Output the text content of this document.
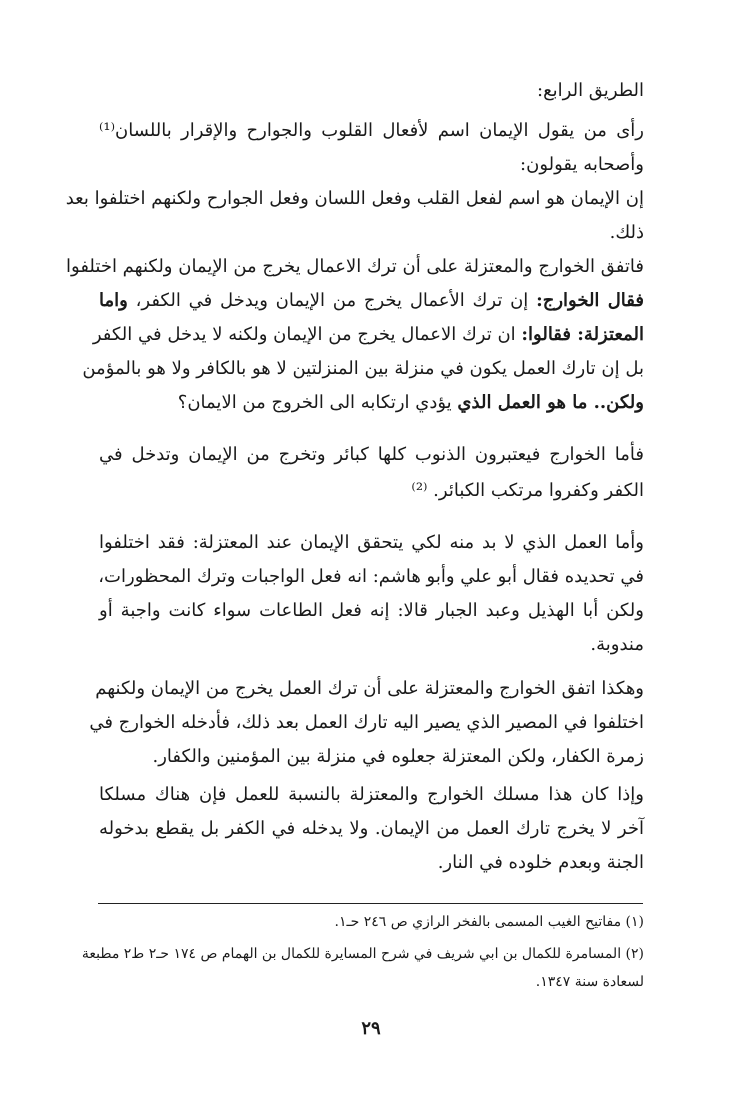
الطريق الرابع:
رأى من يقول الإيمان اسم لأفعال القلوب والجوارح والإقرار باللسان⁽¹⁾
وأصحابه يقولون:
إن الإيمان هو اسم لفعل القلب وفعل اللسان وفعل الجوارح ولكنهم اختلفوا بعد
ذلك.
فاتفق الخوارج والمعتزلة على أن ترك الاعمال يخرج من الإيمان ولكنهم اختلفوا
فقال الخوارج: إن ترك الأعمال يخرج من الإيمان ويدخل في الكفر، واما
المعتزلة: فقالوا: ان ترك الاعمال يخرج من الإيمان ولكنه لا يدخل في الكفر
بل إن تارك العمل يكون في منزلة بين المنزلتين لا هو بالكافر ولا هو بالمؤمن
ولكن.. ما هو العمل الذي يؤدي ارتكابه الى الخروج من الايمان؟
فأما الخوارج فيعتبرون الذنوب كلها كبائر وتخرج من الإيمان وتدخل في
الكفر وكفروا مرتكب الكبائر. ⁽²⁾
وأما العمل الذي لا بد منه لكي يتحقق الإيمان عند المعتزلة: فقد اختلفوا
في تحديده فقال أبو علي وأبو هاشم: انه فعل الواجبات وترك المحظورات،
ولكن أبا الهذيل وعبد الجبار قالا: إنه فعل الطاعات سواء كانت واجبة أو
مندوبة.
وهكذا اتفق الخوارج والمعتزلة على أن ترك العمل يخرج من الإيمان ولكنهم
اختلفوا في المصير الذي يصير اليه تارك العمل بعد ذلك، فأدخله الخوارج في
زمرة الكفار، ولكن المعتزلة جعلوه في منزلة بين المؤمنين والكفار.
وإذا كان هذا مسلك الخوارج والمعتزلة بالنسبة للعمل فإن هناك مسلكا
آخر لا يخرج تارك العمل من الإيمان. ولا يدخله في الكفر بل يقطع بدخوله
الجنة وبعدم خلوده في النار.
(١) مفاتيح الغيب المسمى بالفخر الرازي ص ٢٤٦ حـ١.
(٢) المسامرة للكمال بن ابي شريف في شرح المسايرة للكمال بن الهمام ص ١٧٤ حـ٢ ط٢ مطبعة
لسعادة سنة ١٣٤٧.
٢٩
